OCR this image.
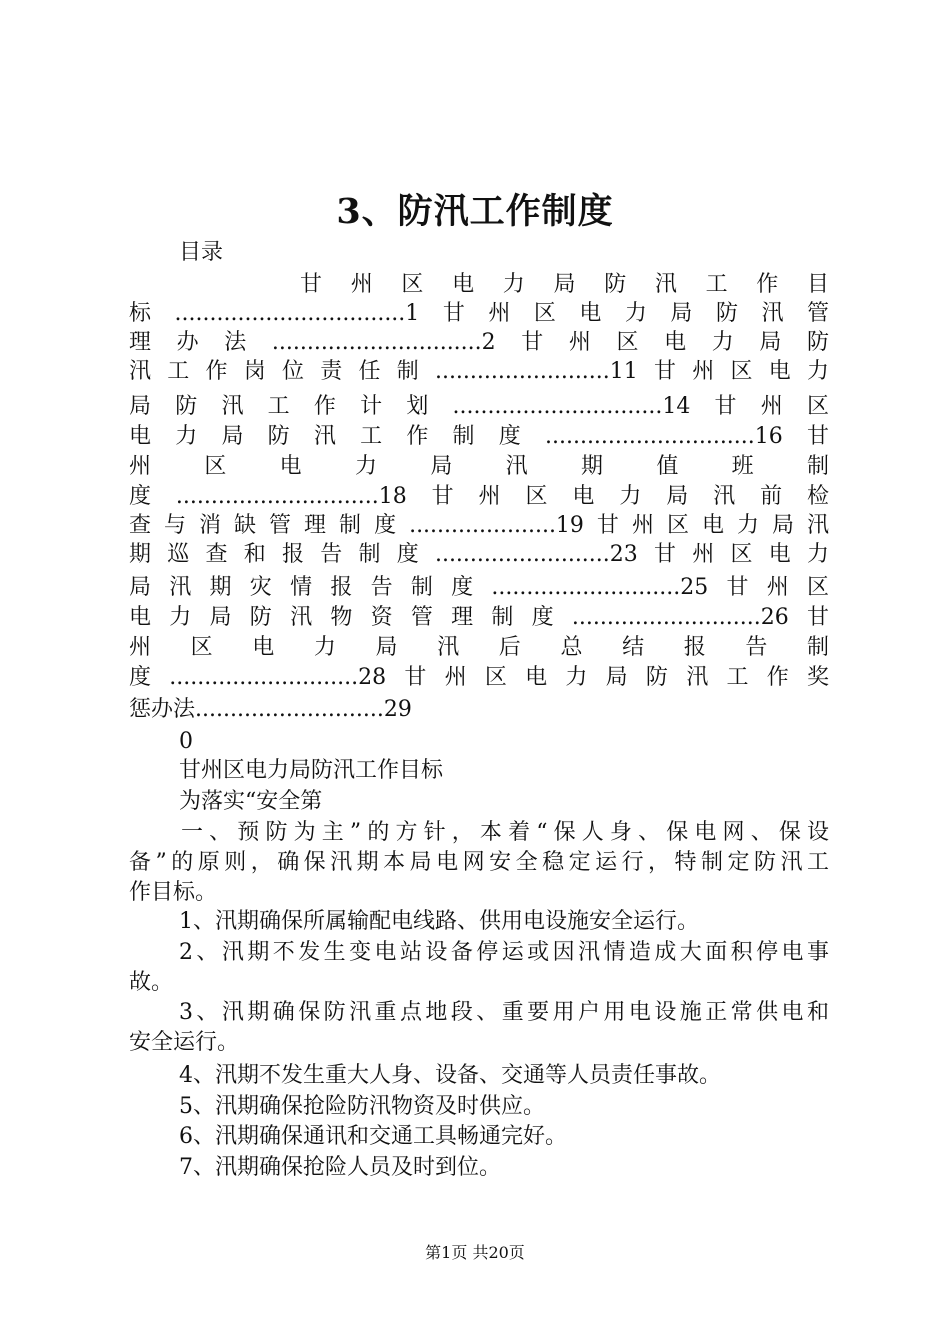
3、防汛工作制度
目录
甘 州 区 电 力 局 防 汛 工 作 目
标.................................1甘州区电力局防汛管
理办法..............................2甘州区电力局防
汛工作岗位责任制.........................11甘州区电力
局防汛工作计划..............................14甘州区
电力局防汛工作制度..............................16甘
州 区 电 力 局 汛 期 值 班 制
度.............................18甘州区电力局汛前检
查与消缺管理制度.....................19甘州区电力局汛
期巡查和报告制度.........................23甘州区电力
局汛期灾情报告制度...........................25甘州区
电力局防汛物资管理制度...........................26甘
州 区 电 力 局 汛 后 总 结 报 告 制
度...........................28甘州区电力局防汛工作奖
惩办法...........................29
0
甘州区电力局防汛工作目标
为落实“安全第
一、预防为主”的方针，本着“保人身、保电网、保设
备”的原则，确保汛期本局电网安全稳定运行，特制定防汛工
作目标。
1、汛期确保所属输配电线路、供用电设施安全运行。
2、汛期不发生变电站设备停运或因汛情造成大面积停电事
故。
3、汛期确保防汛重点地段、重要用户用电设施正常供电和
安全运行。
4、汛期不发生重大人身、设备、交通等人员责任事故。
5、汛期确保抢险防汛物资及时供应。
6、汛期确保通讯和交通工具畅通完好。
7、汛期确保抢险人员及时到位。
第1页 共20页
